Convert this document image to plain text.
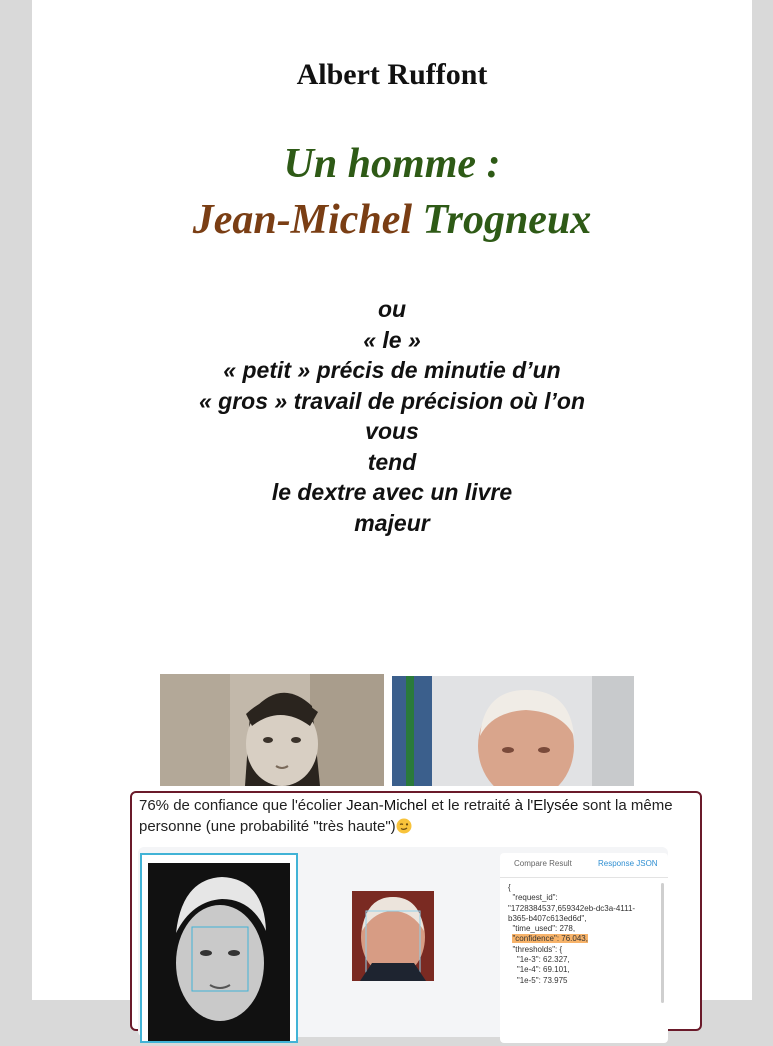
Albert Ruffont
Un homme :
Jean-Michel Trogneux
ou
« le »
« petit » précis de minutie d’un
« gros » travail de précision où l’on
vous
tend
le dextre avec un livre
majeur
76% de confiance que l'écolier Jean-Michel et le retraité à l'Elysée sont la même personne (une probabilité "très haute")
Compare Result	Response JSON
{
"request_id":
"1728384537,659342eb-dc3a-4111-
b365-b407c613ed6d",
"time_used": 278,
"confidence": 76.043,
"thresholds": {
"1e-3": 62.327,
"1e-4": 69.101,
"1e-5": 73.975
